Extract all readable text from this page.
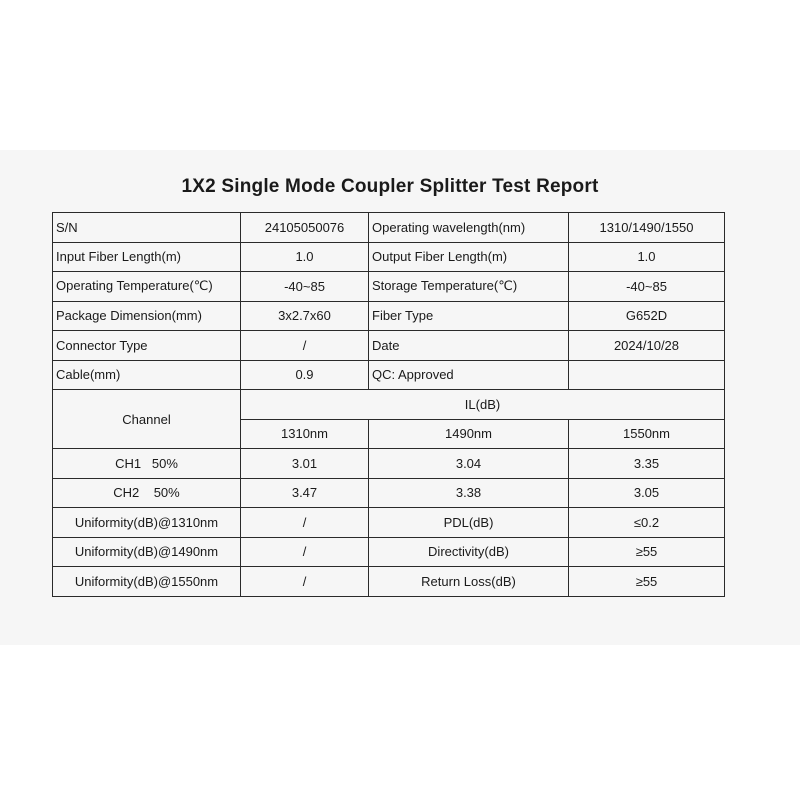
1X2 Single Mode Coupler Splitter Test Report
S/N	24105050076	Operating wavelength(nm)	1310/1490/1550
Input Fiber Length(m)	1.0	Output Fiber Length(m)	1.0
Operating Temperature(℃)	-40~85	Storage Temperature(℃)	-40~85
Package Dimension(mm)	3x2.7x60	Fiber Type	G652D
Connector Type	/	Date	2024/10/28
Cable(mm)	0.9	QC: Approved	
Channel	IL(dB)		
	1310nm	1490nm	1550nm
CH1   50%	3.01	3.04	3.35
CH2    50%	3.47	3.38	3.05
Uniformity(dB)@1310nm	/	PDL(dB)	≤0.2
Uniformity(dB)@1490nm	/	Directivity(dB)	≥55
Uniformity(dB)@1550nm	/	Return Loss(dB)	≥55
